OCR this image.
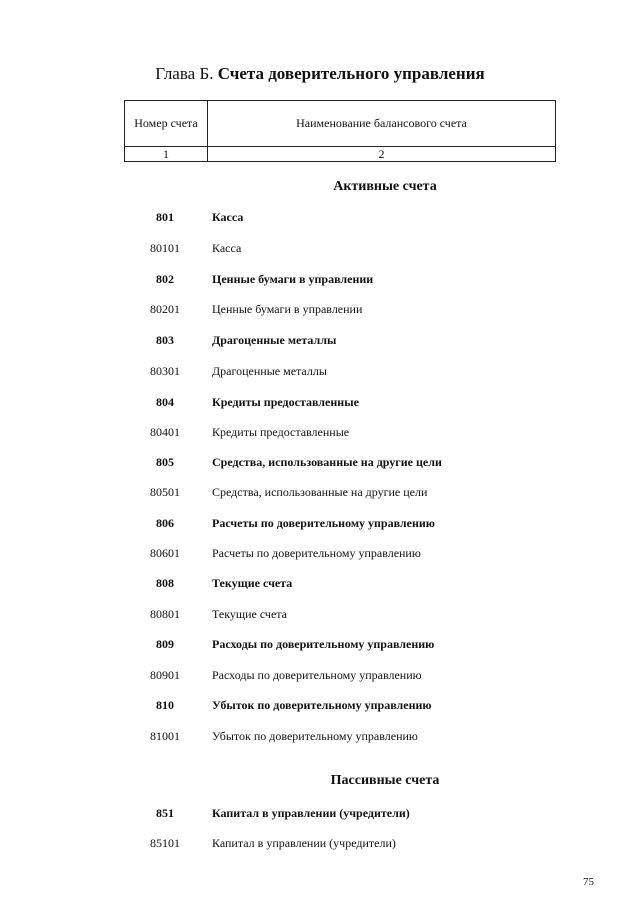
Глава Б. Счета доверительного управления
Номер счета	Наименование балансового счета
1	2
Активные счета
801	Касса
80101	Касса
802	Ценные бумаги в управлении
80201	Ценные бумаги в управлении
803	Драгоценные металлы
80301	Драгоценные металлы
804	Кредиты предоставленные
80401	Кредиты предоставленные
805	Средства, использованные на другие цели
80501	Средства, использованные на другие цели
806	Расчеты по доверительному управлению
80601	Расчеты по доверительному управлению
808	Текущие счета
80801	Текущие счета
809	Расходы по доверительному управлению
80901	Расходы по доверительному управлению
810	Убыток по доверительному управлению
81001	Убыток по доверительному управлению
Пассивные счета
851	Капитал в управлении (учредители)
85101	Капитал в управлении (учредители)
75
